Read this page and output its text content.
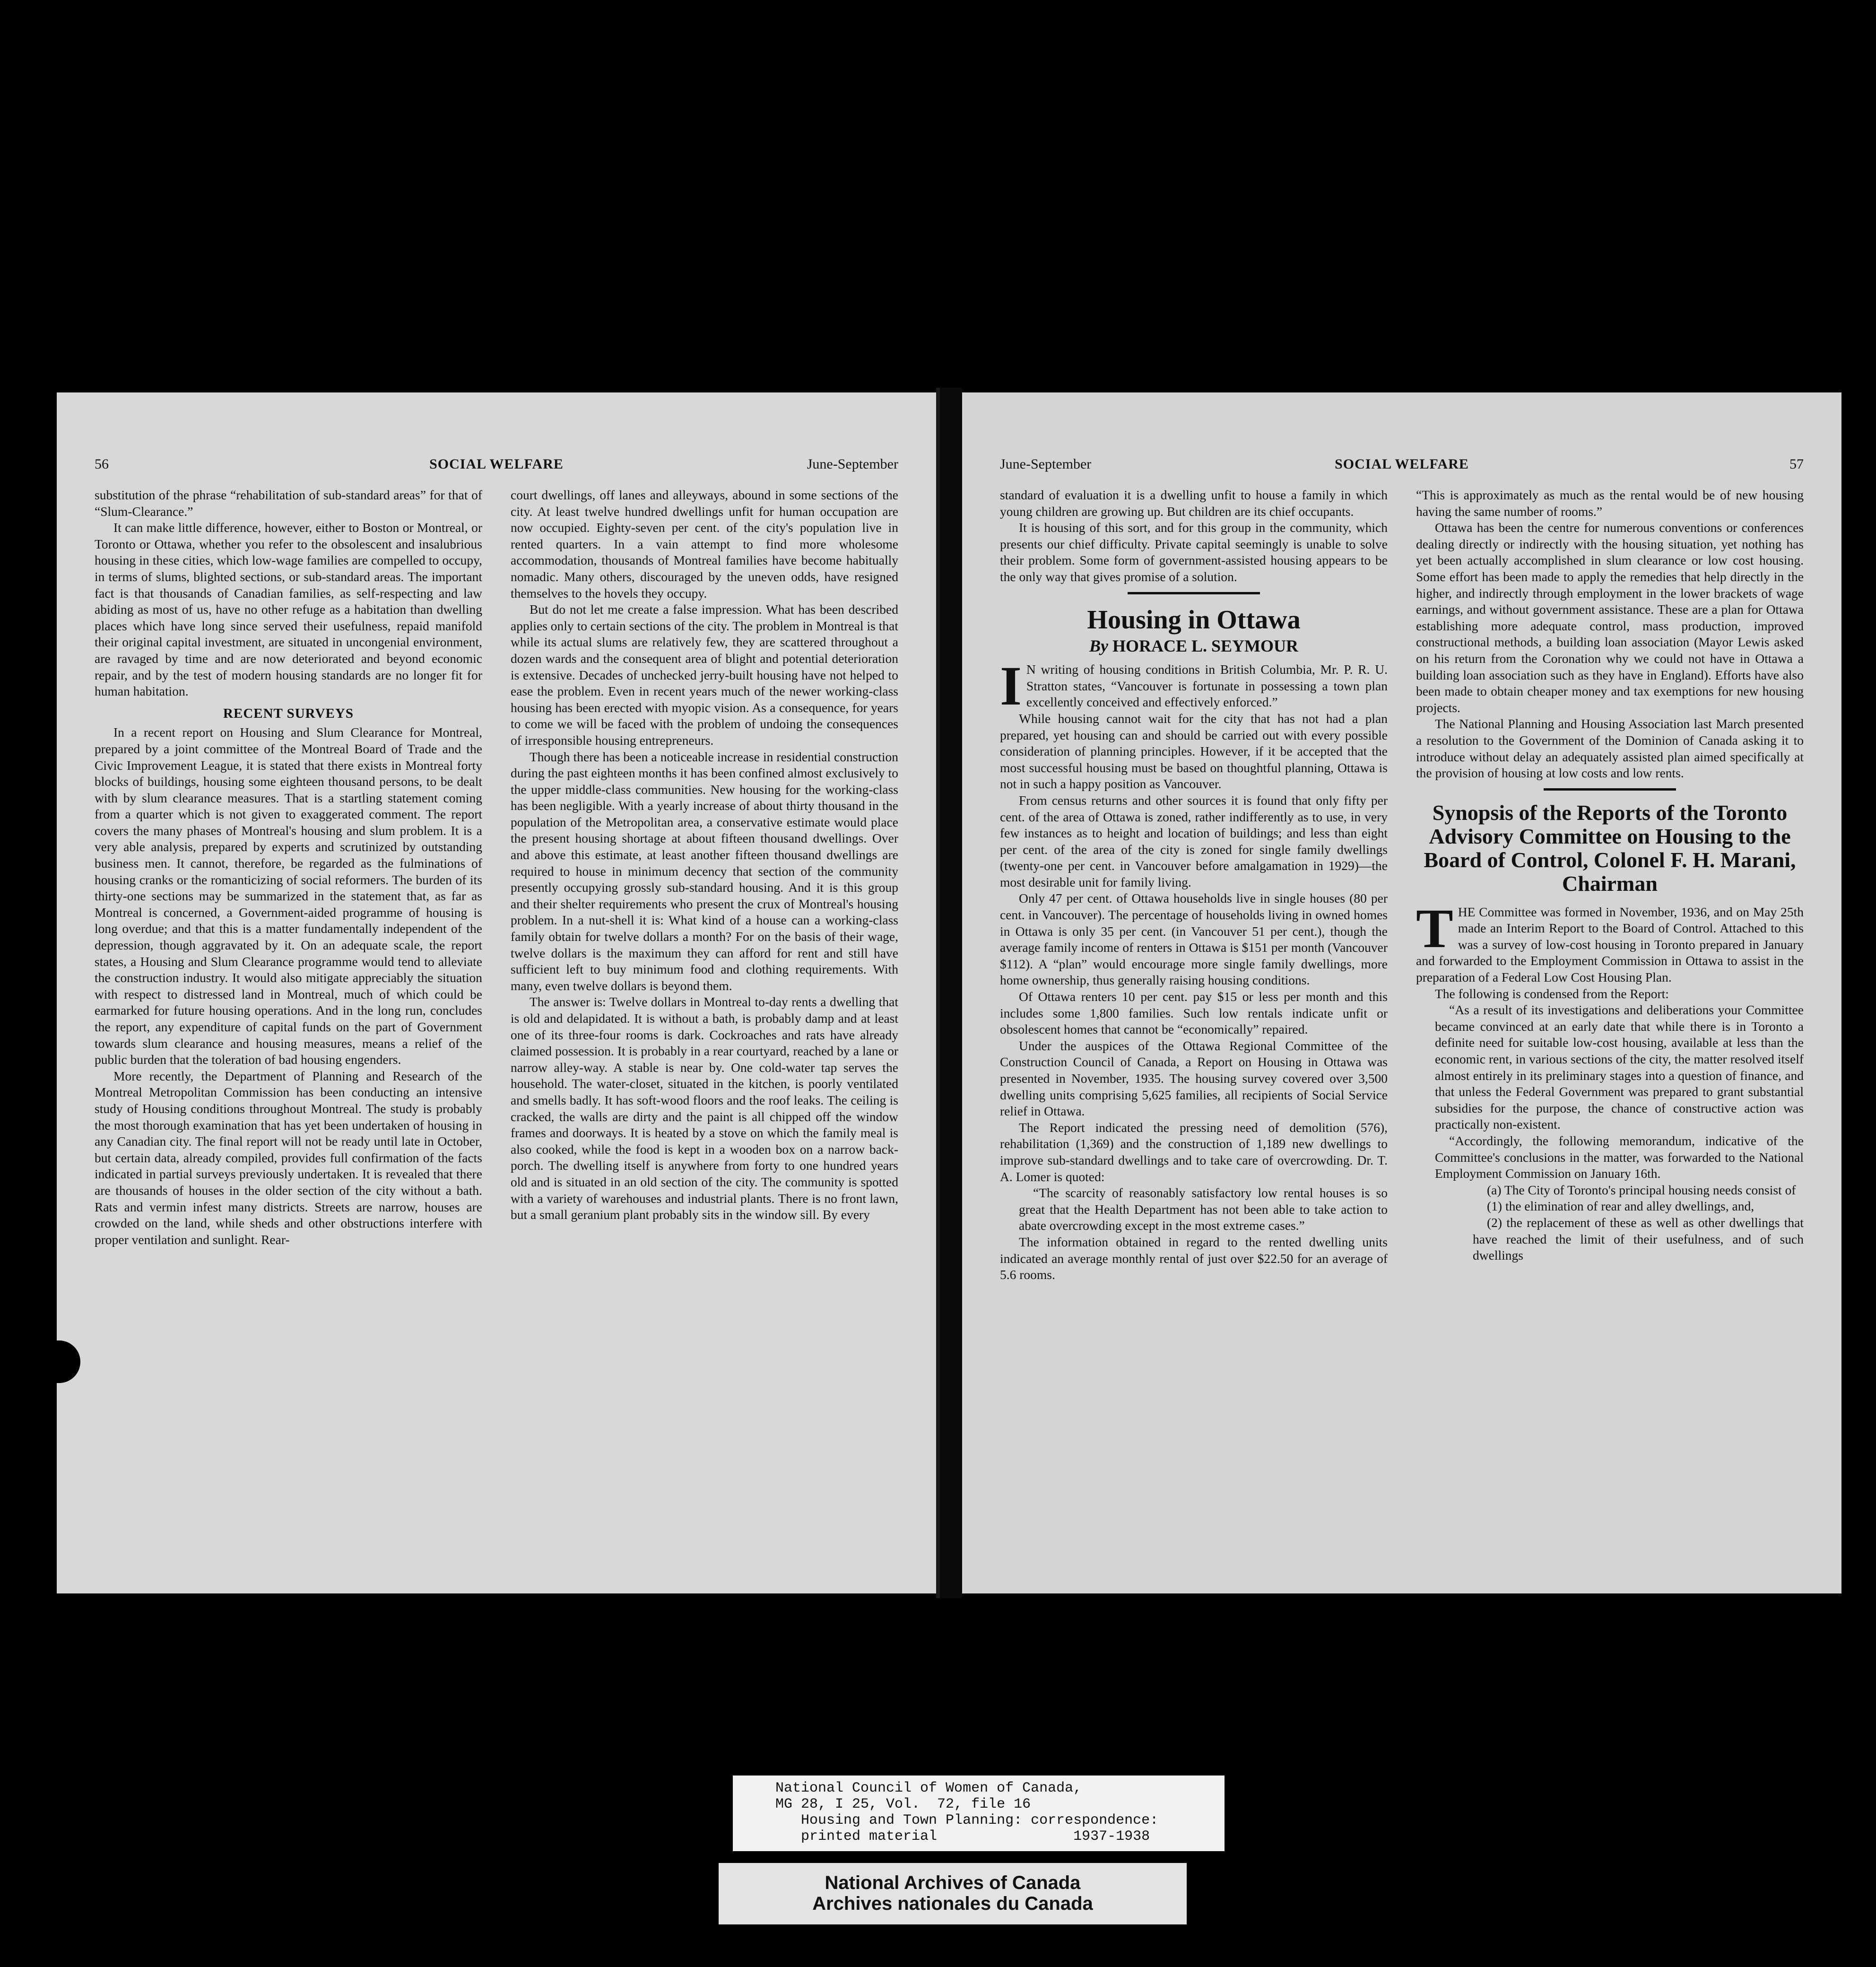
56	SOCIAL WELFARE	June-September

substitution of the phrase “rehabilitation of sub-standard areas” for that of “Slum-Clearance.”

It can make little difference, however, either to Boston or Montreal, or Toronto or Ottawa, whether you refer to the obsolescent and insalubrious housing in these cities, which low-wage families are compelled to occupy, in terms of slums, blighted sections, or sub-standard areas. The important fact is that thousands of Canadian families, as self-respecting and law abiding as most of us, have no other refuge as a habitation than dwelling places which have long since served their usefulness, repaid manifold their original capital investment, are situated in uncongenial environment, are ravaged by time and are now deteriorated and beyond economic repair, and by the test of modern housing standards are no longer fit for human habitation.

RECENT SURVEYS

In a recent report on Housing and Slum Clearance for Montreal, prepared by a joint committee of the Montreal Board of Trade and the Civic Improvement League, it is stated that there exists in Montreal forty blocks of buildings, housing some eighteen thousand persons, to be dealt with by slum clearance measures. That is a startling statement coming from a quarter which is not given to exaggerated comment. The report covers the many phases of Montreal's housing and slum problem. It is a very able analysis, prepared by experts and scrutinized by outstanding business men. It cannot, therefore, be regarded as the fulminations of housing cranks or the romanticizing of social reformers. The burden of its thirty-one sections may be summarized in the statement that, as far as Montreal is concerned, a Government-aided programme of housing is long overdue; and that this is a matter fundamentally independent of the depression, though aggravated by it. On an adequate scale, the report states, a Housing and Slum Clearance programme would tend to alleviate the construction industry. It would also mitigate appreciably the situation with respect to distressed land in Montreal, much of which could be earmarked for future housing operations. And in the long run, concludes the report, any expenditure of capital funds on the part of Government towards slum clearance and housing measures, means a relief of the public burden that the toleration of bad housing engenders.

More recently, the Department of Planning and Research of the Montreal Metropolitan Commission has been conducting an intensive study of Housing conditions throughout Montreal. The study is probably the most thorough examination that has yet been undertaken of housing in any Canadian city. The final report will not be ready until late in October, but certain data, already compiled, provides full confirmation of the facts indicated in partial surveys previously undertaken. It is revealed that there are thousands of houses in the older section of the city without a bath. Rats and vermin infest many districts. Streets are narrow, houses are crowded on the land, while sheds and other obstructions interfere with proper ventilation and sunlight. Rear-

court dwellings, off lanes and alleyways, abound in some sections of the city. At least twelve hundred dwellings unfit for human occupation are now occupied. Eighty-seven per cent. of the city's population live in rented quarters. In a vain attempt to find more wholesome accommodation, thousands of Montreal families have become habitually nomadic. Many others, discouraged by the uneven odds, have resigned themselves to the hovels they occupy.

But do not let me create a false impression. What has been described applies only to certain sections of the city. The problem in Montreal is that while its actual slums are relatively few, they are scattered throughout a dozen wards and the consequent area of blight and potential deterioration is extensive. Decades of unchecked jerry-built housing have not helped to ease the problem. Even in recent years much of the newer working-class housing has been erected with myopic vision. As a consequence, for years to come we will be faced with the problem of undoing the consequences of irresponsible housing entrepreneurs.

Though there has been a noticeable increase in residential construction during the past eighteen months it has been confined almost exclusively to the upper middle-class communities. New housing for the working-class has been negligible. With a yearly increase of about thirty thousand in the population of the Metropolitan area, a conservative estimate would place the present housing shortage at about fifteen thousand dwellings. Over and above this estimate, at least another fifteen thousand dwellings are required to house in minimum decency that section of the community presently occupying grossly sub-standard housing. And it is this group and their shelter requirements who present the crux of Montreal's housing problem. In a nut-shell it is: What kind of a house can a working-class family obtain for twelve dollars a month? For on the basis of their wage, twelve dollars is the maximum they can afford for rent and still have sufficient left to buy minimum food and clothing requirements. With many, even twelve dollars is beyond them.

The answer is: Twelve dollars in Montreal to-day rents a dwelling that is old and delapidated. It is without a bath, is probably damp and at least one of its three-four rooms is dark. Cockroaches and rats have already claimed possession. It is probably in a rear courtyard, reached by a lane or narrow alley-way. A stable is near by. One cold-water tap serves the household. The water-closet, situated in the kitchen, is poorly ventilated and smells badly. It has soft-wood floors and the roof leaks. The ceiling is cracked, the walls are dirty and the paint is all chipped off the window frames and doorways. It is heated by a stove on which the family meal is also cooked, while the food is kept in a wooden box on a narrow back-porch. The dwelling itself is anywhere from forty to one hundred years old and is situated in an old section of the city. The community is spotted with a variety of warehouses and industrial plants. There is no front lawn, but a small geranium plant probably sits in the window sill. By every

June-September	SOCIAL WELFARE	57

standard of evaluation it is a dwelling unfit to house a family in which young children are growing up. But children are its chief occupants.

It is housing of this sort, and for this group in the community, which presents our chief difficulty. Private capital seemingly is unable to solve their problem. Some form of government-assisted housing appears to be the only way that gives promise of a solution.

Housing in Ottawa
By HORACE L. SEYMOUR

I N writing of housing conditions in British Columbia, Mr. P. R. U. Stratton states, “Vancouver is fortunate in possessing a town plan excellently conceived and effectively enforced.”

While housing cannot wait for the city that has not had a plan prepared, yet housing can and should be carried out with every possible consideration of planning principles. However, if it be accepted that the most successful housing must be based on thoughtful planning, Ottawa is not in such a happy position as Vancouver.

From census returns and other sources it is found that only fifty per cent. of the area of Ottawa is zoned, rather indifferently as to use, in very few instances as to height and location of buildings; and less than eight per cent. of the area of the city is zoned for single family dwellings (twenty-one per cent. in Vancouver before amalgamation in 1929)—the most desirable unit for family living.

Only 47 per cent. of Ottawa households live in single houses (80 per cent. in Vancouver). The percentage of households living in owned homes in Ottawa is only 35 per cent. (in Vancouver 51 per cent.), though the average family income of renters in Ottawa is $151 per month (Vancouver $112). A “plan” would encourage more single family dwellings, more home ownership, thus generally raising housing conditions.

Of Ottawa renters 10 per cent. pay $15 or less per month and this includes some 1,800 families. Such low rentals indicate unfit or obsolescent homes that cannot be “economically” repaired.

Under the auspices of the Ottawa Regional Committee of the Construction Council of Canada, a Report on Housing in Ottawa was presented in November, 1935. The housing survey covered over 3,500 dwelling units comprising 5,625 families, all recipients of Social Service relief in Ottawa.

The Report indicated the pressing need of demolition (576), rehabilitation (1,369) and the construction of 1,189 new dwellings to improve sub-standard dwellings and to take care of overcrowding. Dr. T. A. Lomer is quoted:

“The scarcity of reasonably satisfactory low rental houses is so great that the Health Department has not been able to take action to abate overcrowding except in the most extreme cases.”

The information obtained in regard to the rented dwelling units indicated an average monthly rental of just over $22.50 for an average of 5.6 rooms.

“This is approximately as much as the rental would be of new housing having the same number of rooms.”

Ottawa has been the centre for numerous conventions or conferences dealing directly or indirectly with the housing situation, yet nothing has yet been actually accomplished in slum clearance or low cost housing. Some effort has been made to apply the remedies that help directly in the higher, and indirectly through employment in the lower brackets of wage earnings, and without government assistance. These are a plan for Ottawa establishing more adequate control, mass production, improved constructional methods, a building loan association (Mayor Lewis asked on his return from the Coronation why we could not have in Ottawa a building loan association such as they have in England). Efforts have also been made to obtain cheaper money and tax exemptions for new housing projects.

The National Planning and Housing Association last March presented a resolution to the Government of the Dominion of Canada asking it to introduce without delay an adequately assisted plan aimed specifically at the provision of housing at low costs and low rents.

Synopsis of the Reports of the Toronto Advisory Committee on Housing to the Board of Control, Colonel F. H. Marani, Chairman

T HE Committee was formed in November, 1936, and on May 25th made an Interim Report to the Board of Control. Attached to this was a survey of low-cost housing in Toronto prepared in January and forwarded to the Employment Commission in Ottawa to assist in the preparation of a Federal Low Cost Housing Plan.

The following is condensed from the Report:

“As a result of its investigations and deliberations your Committee became convinced at an early date that while there is in Toronto a definite need for suitable low-cost housing, available at less than the economic rent, in various sections of the city, the matter resolved itself almost entirely in its preliminary stages into a question of finance, and that unless the Federal Government was prepared to grant substantial subsidies for the purpose, the chance of constructive action was practically non-existent.

“Accordingly, the following memorandum, indicative of the Committee's conclusions in the matter, was forwarded to the National Employment Commission on January 16th.

(a) The City of Toronto's principal housing needs consist of

(1) the elimination of rear and alley dwellings, and,

(2) the replacement of these as well as other dwellings that have reached the limit of their usefulness, and of such dwellings

National Council of Women of Canada,
MG 28, I 25, Vol.  72, file 16
Housing and Town Planning: correspondence:
printed material                1937-1938
National Archives of Canada
Archives nationales du Canada
